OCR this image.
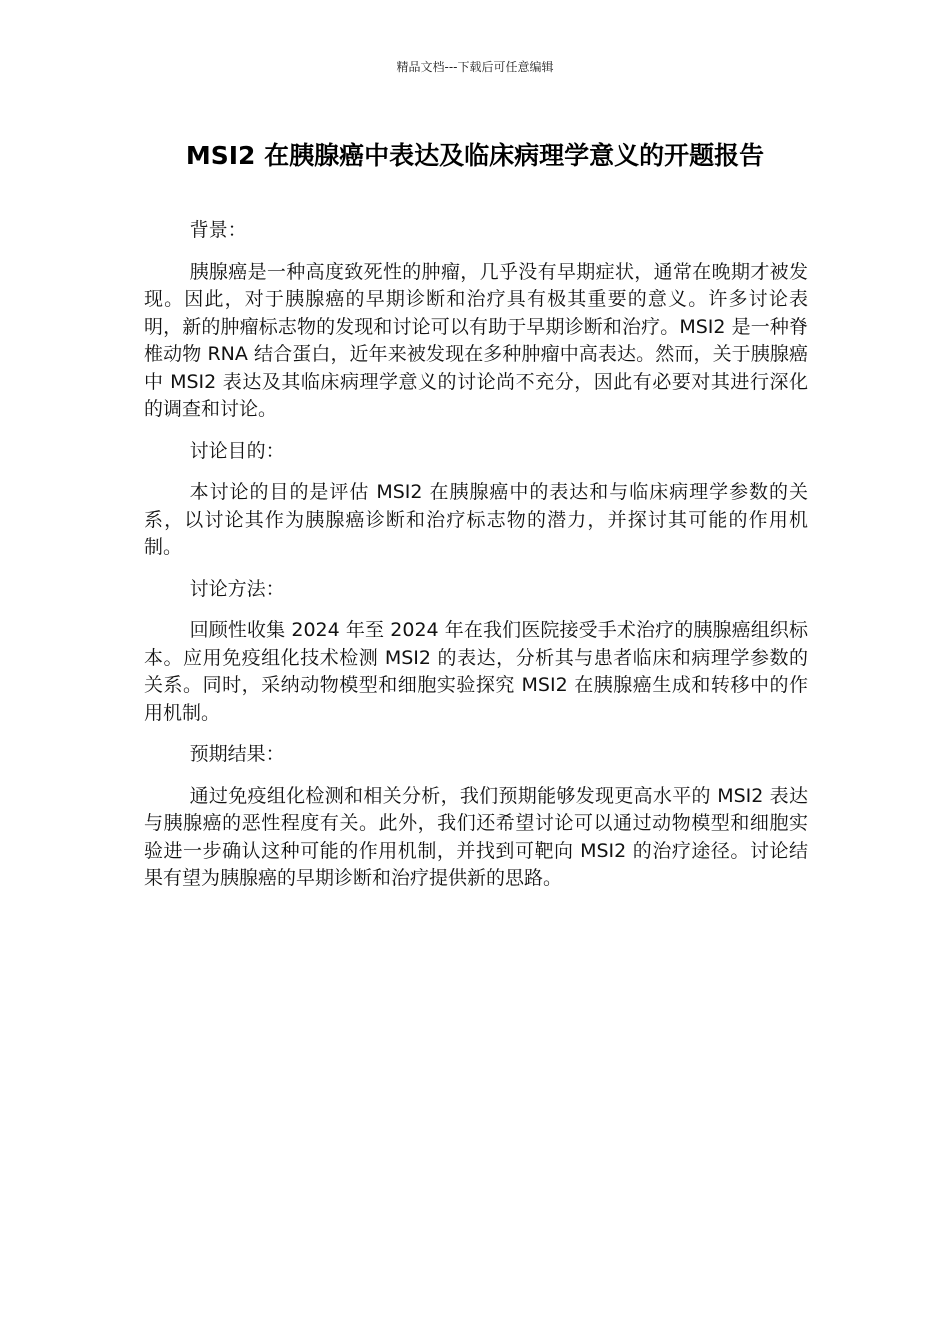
精品文档---下载后可任意编辑
MSI2 在胰腺癌中表达及临床病理学意义的开题报告

背景：

胰腺癌是一种高度致死性的肿瘤，几乎没有早期症状，通常在晚期才被发现。因此，对于胰腺癌的早期诊断和治疗具有极其重要的意义。许多讨论表明，新的肿瘤标志物的发现和讨论可以有助于早期诊断和治疗。MSI2 是一种脊椎动物 RNA 结合蛋白，近年来被发现在多种肿瘤中高表达。然而，关于胰腺癌中 MSI2 表达及其临床病理学意义的讨论尚不充分，因此有必要对其进行深化的调查和讨论。

讨论目的：

本讨论的目的是评估 MSI2 在胰腺癌中的表达和与临床病理学参数的关系，以讨论其作为胰腺癌诊断和治疗标志物的潜力，并探讨其可能的作用机制。

讨论方法：

回顾性收集 2024 年至 2024 年在我们医院接受手术治疗的胰腺癌组织标本。应用免疫组化技术检测 MSI2 的表达，分析其与患者临床和病理学参数的关系。同时，采纳动物模型和细胞实验探究 MSI2 在胰腺癌生成和转移中的作用机制。

预期结果：

通过免疫组化检测和相关分析，我们预期能够发现更高水平的 MSI2 表达与胰腺癌的恶性程度有关。此外，我们还希望讨论可以通过动物模型和细胞实验进一步确认这种可能的作用机制，并找到可靶向 MSI2 的治疗途径。讨论结果有望为胰腺癌的早期诊断和治疗提供新的思路。
